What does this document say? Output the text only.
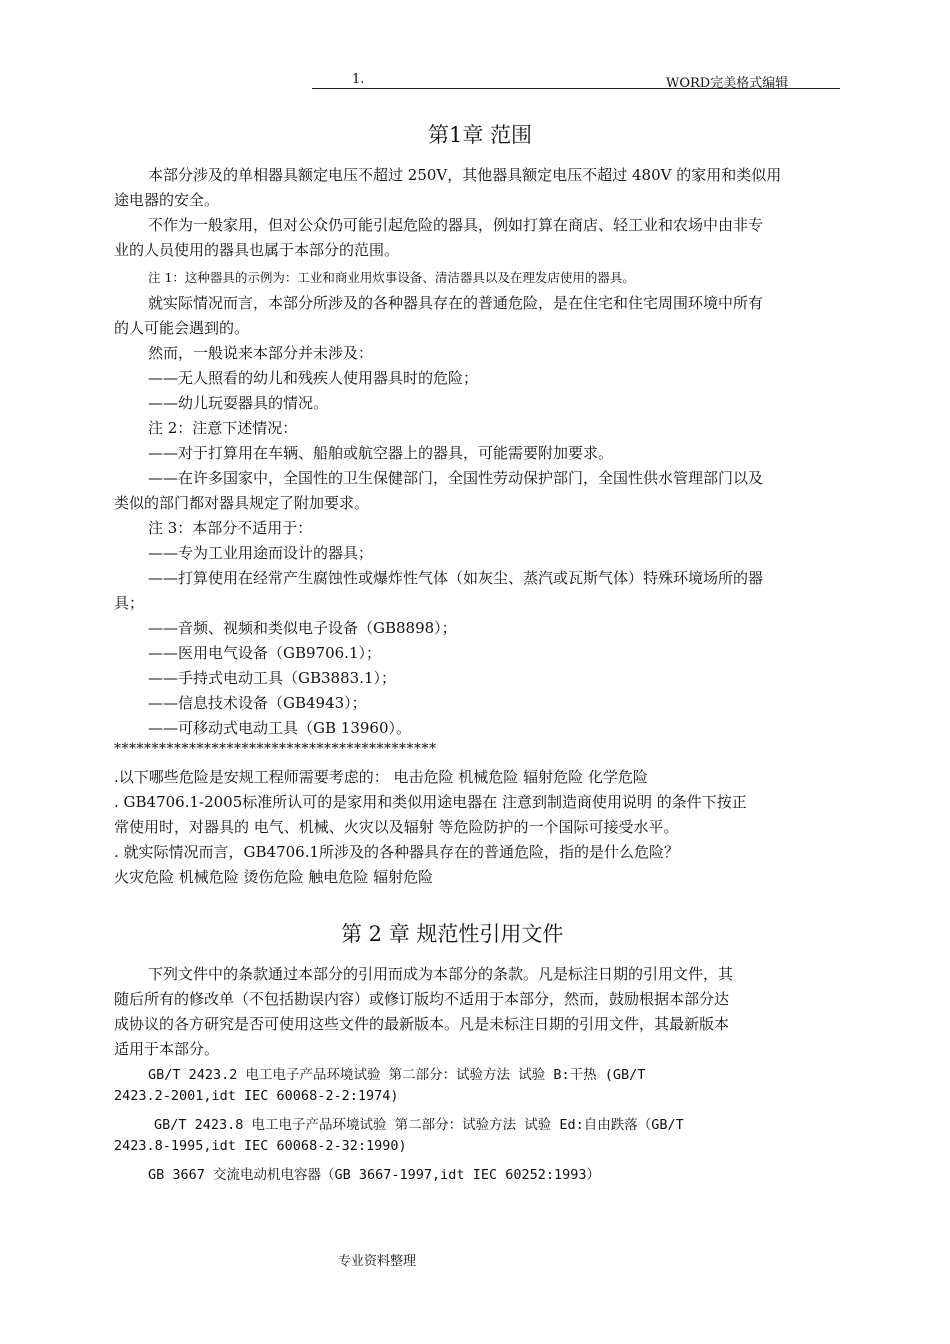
1.	WORD完美格式编辑
第1章 范围
本部分涉及的单相器具额定电压不超过 250V，其他器具额定电压不超过 480V 的家用和类似用
途电器的安全。
不作为一般家用，但对公众仍可能引起危险的器具，例如打算在商店、轻工业和农场中由非专
业的人员使用的器具也属于本部分的范围。
注 1：这种器具的示例为：工业和商业用炊事设备、清洁器具以及在理发店使用的器具。
就实际情况而言，本部分所涉及的各种器具存在的普通危险，是在住宅和住宅周围环境中所有
的人可能会遇到的。
然而，一般说来本部分并未涉及：
——无人照看的幼儿和残疾人使用器具时的危险；
——幼儿玩耍器具的情况。
注 2：注意下述情况：
——对于打算用在车辆、船舶或航空器上的器具，可能需要附加要求。
——在许多国家中，全国性的卫生保健部门，全国性劳动保护部门，全国性供水管理部门以及
类似的部门都对器具规定了附加要求。
注 3：本部分不适用于：
——专为工业用途而设计的器具；
——打算使用在经常产生腐蚀性或爆炸性气体（如灰尘、蒸汽或瓦斯气体）特殊环境场所的器
具；
——音频、视频和类似电子设备（GB8898）；
——医用电气设备（GB9706.1）；
——手持式电动工具（GB3883.1）；
——信息技术设备（GB4943）；
——可移动式电动工具（GB 13960）。
*******************************************
.以下哪些危险是安规工程师需要考虑的： 电击危险 机械危险 辐射危险 化学危险
. GB4706.1-2005标准所认可的是家用和类似用途电器在 注意到制造商使用说明 的条件下按正
常使用时，对器具的 电气、机械、火灾以及辐射 等危险防护的一个国际可接受水平。
. 就实际情况而言，GB4706.1所涉及的各种器具存在的普通危险，指的是什么危险？
火灾危险 机械危险 烫伤危险 触电危险 辐射危险
第 2 章 规范性引用文件
下列文件中的条款通过本部分的引用而成为本部分的条款。凡是标注日期的引用文件，其
随后所有的修改单（不包括勘误内容）或修订版均不适用于本部分，然而，鼓励根据本部分达
成协议的各方研究是否可使用这些文件的最新版本。凡是未标注日期的引用文件，其最新版本
适用于本部分。
GB/T 2423.2 电工电子产品环境试验 第二部分：试验方法 试验 B:干热 (GB/T
2423.2-2001,idt IEC 60068-2-2:1974)
GB/T 2423.8 电工电子产品环境试验 第二部分：试验方法 试验 Ed:自由跌落（GB/T
2423.8-1995,idt IEC 60068-2-32:1990)
GB 3667 交流电动机电容器（GB 3667-1997,idt IEC 60252:1993）
专业资料整理
